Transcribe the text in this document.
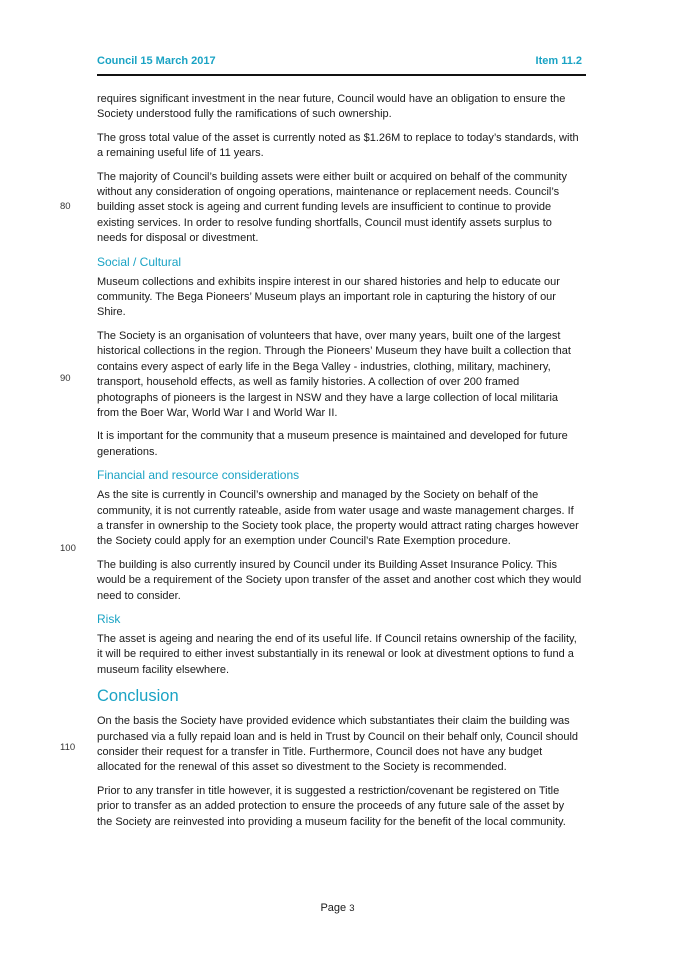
Council 15 March 2017	Item 11.2
80
90
100
110

requires significant investment in the near future, Council would have an obligation to ensure the Society understood fully the ramifications of such ownership.

The gross total value of the asset is currently noted as $1.26M to replace to today’s standards, with a remaining useful life of 11 years.

The majority of Council’s building assets were either built or acquired on behalf of the community without any consideration of ongoing operations, maintenance or replacement needs. Council’s building asset stock is ageing and current funding levels are insufficient to continue to provide existing services. In order to resolve funding shortfalls, Council must identify assets surplus to needs for disposal or divestment.

Social / Cultural

Museum collections and exhibits inspire interest in our shared histories and help to educate our community. The Bega Pioneers’ Museum plays an important role in capturing the history of our Shire.

The Society is an organisation of volunteers that have, over many years, built one of the largest historical collections in the region. Through the Pioneers’ Museum they have built a collection that contains every aspect of early life in the Bega Valley - industries, clothing, military, machinery, transport, household effects, as well as family histories. A collection of over 200 framed photographs of pioneers is the largest in NSW and they have a large collection of local militaria from the Boer War, World War I and World War II.

It is important for the community that a museum presence is maintained and developed for future generations.

Financial and resource considerations

As the site is currently in Council’s ownership and managed by the Society on behalf of the community, it is not currently rateable, aside from water usage and waste management charges. If a transfer in ownership to the Society took place, the property would attract rating charges however the Society could apply for an exemption under Council’s Rate Exemption procedure.

The building is also currently insured by Council under its Building Asset Insurance Policy. This would be a requirement of the Society upon transfer of the asset and another cost which they would need to consider.

Risk

The asset is ageing and nearing the end of its useful life. If Council retains ownership of the facility, it will be required to either invest substantially in its renewal or look at divestment options to fund a museum facility elsewhere.

Conclusion

On the basis the Society have provided evidence which substantiates their claim the building was purchased via a fully repaid loan and is held in Trust by Council on their behalf only, Council should consider their request for a transfer in Title. Furthermore, Council does not have any budget allocated for the renewal of this asset so divestment to the Society is recommended.

Prior to any transfer in title however, it is suggested a restriction/covenant be registered on Title prior to transfer as an added protection to ensure the proceeds of any future sale of the asset by the Society are reinvested into providing a museum facility for the benefit of the local community.

Page 3
